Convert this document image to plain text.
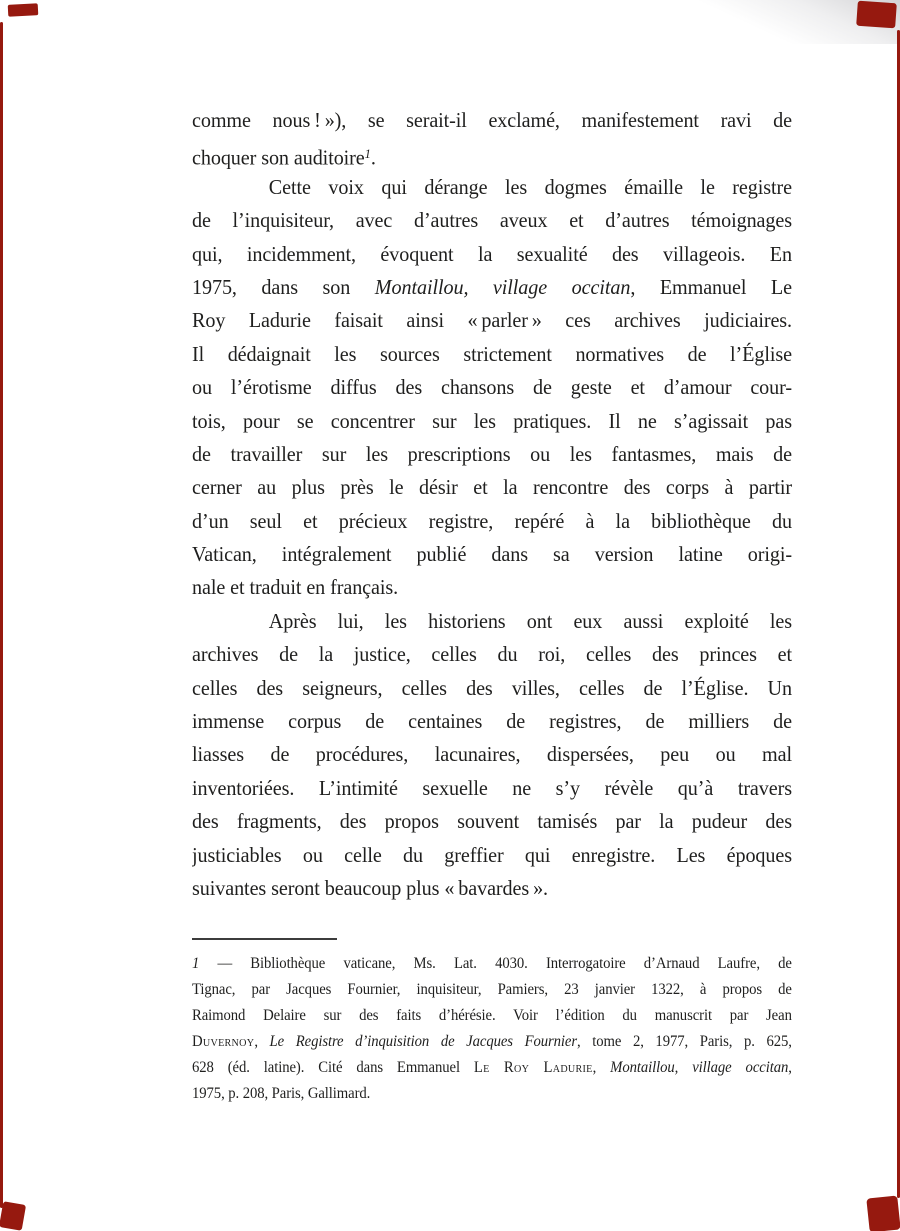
comme nous ! »), se serait-il exclamé, manifestement ravi de
choquer son auditoire$^1$.
Cette voix qui dérange les dogmes émaille le registre
de l’inquisiteur, avec d’autres aveux et d’autres témoignages
qui, incidemment, évoquent la sexualité des villageois. En
1975, dans son Montaillou, village occitan, Emmanuel Le
Roy Ladurie faisait ainsi « parler » ces archives judiciaires.
Il dédaignait les sources strictement normatives de l’Église
ou l’érotisme diffus des chansons de geste et d’amour cour-
tois, pour se concentrer sur les pratiques. Il ne s’agissait pas
de travailler sur les prescriptions ou les fantasmes, mais de
cerner au plus près le désir et la rencontre des corps à partir
d’un seul et précieux registre, repéré à la bibliothèque du
Vatican, intégralement publié dans sa version latine origi-
nale et traduit en français.
Après lui, les historiens ont eux aussi exploité les
archives de la justice, celles du roi, celles des princes et
celles des seigneurs, celles des villes, celles de l’Église. Un
immense corpus de centaines de registres, de milliers de
liasses de procédures, lacunaires, dispersées, peu ou mal
inventoriées. L’intimité sexuelle ne s’y révèle qu’à travers
des fragments, des propos souvent tamisés par la pudeur des
justiciables ou celle du greffier qui enregistre. Les époques
suivantes seront beaucoup plus « bavardes ».
1 — Bibliothèque vaticane, Ms. Lat. 4030. Interrogatoire d’Arnaud Laufre, de
Tignac, par Jacques Fournier, inquisiteur, Pamiers, 23 janvier 1322, à propos de
Raimond Delaire sur des faits d’hérésie. Voir l’édition du manuscrit par Jean
Duvernoy, Le Registre d’inquisition de Jacques Fournier, tome 2, 1977, Paris, p. 625,
628 (éd. latine). Cité dans Emmanuel Le Roy Ladurie, Montaillou, village occitan,
1975, p. 208, Paris, Gallimard.
